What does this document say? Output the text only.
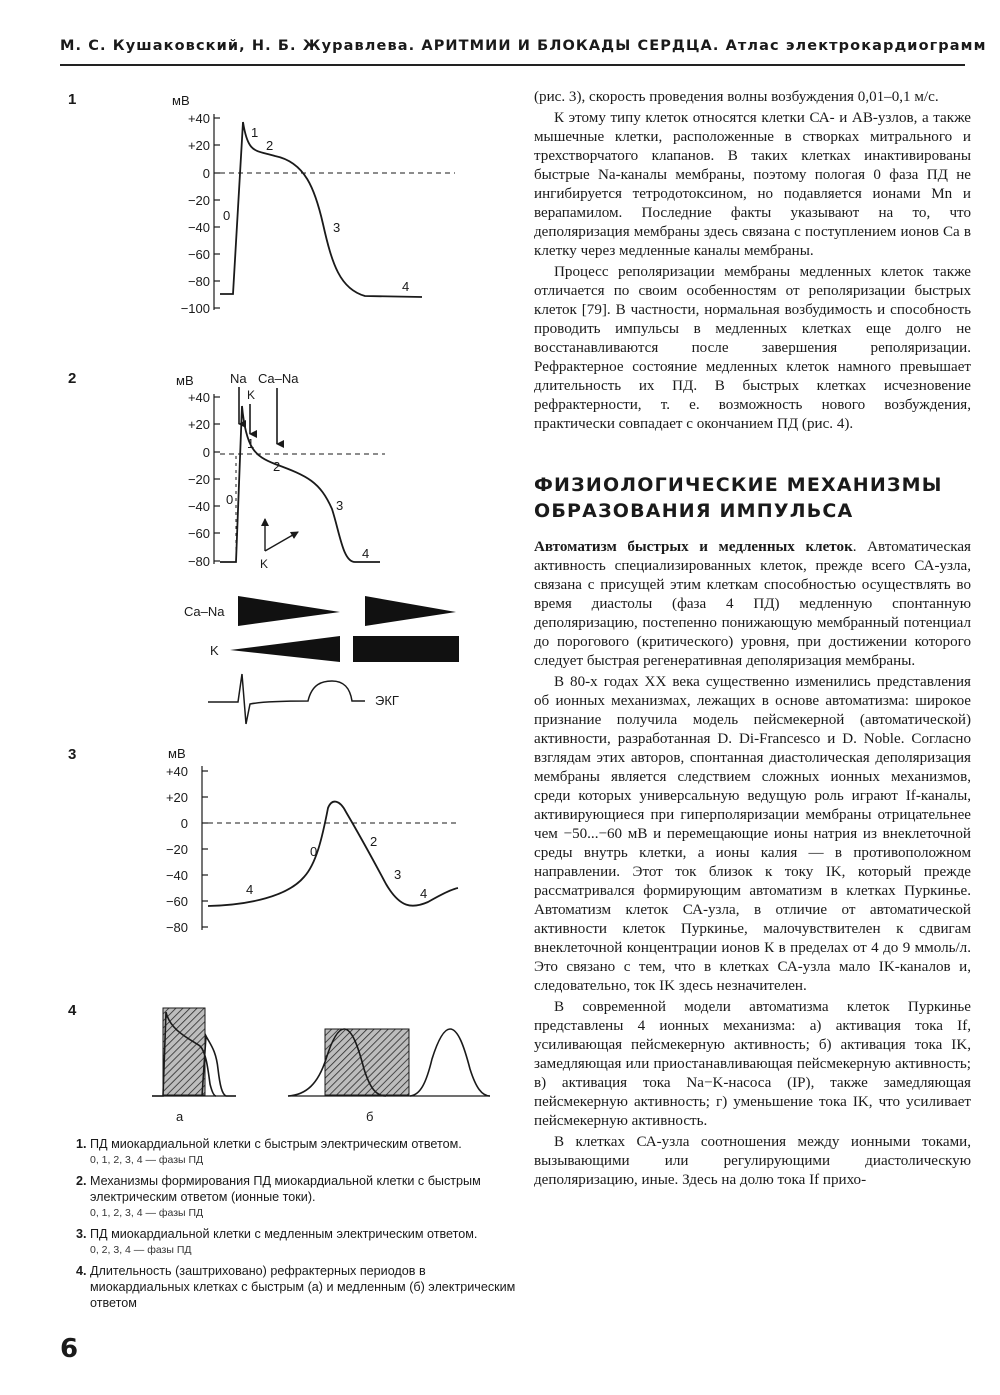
М. С. Кушаковский, Н. Б. Журавлева. АРИТМИИ И БЛОКАДЫ СЕРДЦА. Атлас электрокардиограмм
1	мВ
+40
+20
0
−20
−40
−60
−80
−100
0
1
2
3
4
2	мВ
+40
+20
0
−20
−40
−60
−80
Na Ca–Na
K
0
1
2
3
4
K
Ca–Na
K
ЭКГ
3	мВ
+40
+20
0
−20
−40
−60
−80
0
2
3
4	4
4
а	б
1. ПД миокардиальной клетки с быстрым электрическим ответом.
0, 1, 2, 3, 4 — фазы ПД
2. Механизмы формирования ПД миокардиальной клетки с быстрым электрическим ответом (ионные токи).
0, 1, 2, 3, 4 — фазы ПД
3. ПД миокардиальной клетки с медленным электрическим ответом.
0, 2, 3, 4 — фазы ПД
4. Длительность (заштриховано) рефрактерных периодов в миокардиальных клетках с быстрым (а) и медленным (б) электрическим ответом

(рис. 3), скорость проведения волны возбуждения 0,01–0,1 м/с.

К этому типу клеток относятся клетки СА- и АВ-узлов, а также мышечные клетки, расположенные в створках митрального и трехстворчатого клапанов. В таких клетках инактивированы быстрые Na-каналы мембраны, поэтому пологая 0 фаза ПД не ингибируется тетродотоксином, но подавляется ионами Mn и верапамилом. Последние факты указывают на то, что деполяризация мембраны здесь связана с поступлением ионов Са в клетку через медленные каналы мембраны.

Процесс реполяризации мембраны медленных клеток также отличается по своим особенностям от реполяризации быстрых клеток [79]. В частности, нормальная возбудимость и способность проводить импульсы в медленных клетках еще долго не восстанавливаются после завершения реполяризации. Рефрактерное состояние медленных клеток намного превышает длительность их ПД. В быстрых клетках исчезновение рефрактерности, т. е. возможность нового возбуждения, практически совпадает с окончанием ПД (рис. 4).

ФИЗИОЛОГИЧЕСКИЕ МЕХАНИЗМЫ ОБРАЗОВАНИЯ ИМПУЛЬСА

Автоматизм быстрых и медленных клеток. Автоматическая активность специализированных клеток, прежде всего СА-узла, связана с присущей этим клеткам способностью осуществлять во время диастолы (фаза 4 ПД) медленную спонтанную деполяризацию, постепенно понижающую мембранный потенциал до порогового (критического) уровня, при достижении которого следует быстрая регенеративная деполяризация мембраны.

В 80-х годах XX века существенно изменились представления об ионных механизмах, лежащих в основе автоматизма: широкое признание получила модель пейсмекерной (автоматической) активности, разработанная D. Di-Francesco и D. Noble. Согласно взглядам этих авторов, спонтанная диастолическая деполяризация мембраны является следствием сложных ионных механизмов, среди которых универсальную ведущую роль играют If-каналы, активирующиеся при гиперполяризации мембраны отрицательнее чем −50...−60 мВ и перемещающие ионы натрия из внеклеточной среды внутрь клетки, а ионы калия — в противоположном направлении. Этот ток близок к току IK, который прежде рассматривался формирующим автоматизм в клетках Пуркинье. Автоматизм клеток СА-узла, в отличие от автоматической активности клеток Пуркинье, малочувствителен к сдвигам внеклеточной концентрации ионов К в пределах от 4 до 9 ммоль/л. Это связано с тем, что в клетках СА-узла мало IK-каналов и, следовательно, ток IK здесь незначителен.

В современной модели автоматизма клеток Пуркинье представлены 4 ионных механизма: а) активация тока If, усиливающая пейсмекерную активность; б) активация тока IK, замедляющая или приостанавливающая пейсмекерную активность; в) активация тока Na−K-насоса (IP), также замедляющая пейсмекерную активность; г) уменьшение тока IK, что усиливает пейсмекерную активность.

В клетках СА-узла соотношения между ионными токами, вызывающими или регулирующими диастолическую деполяризацию, иные. Здесь на долю тока If прихо-

6
